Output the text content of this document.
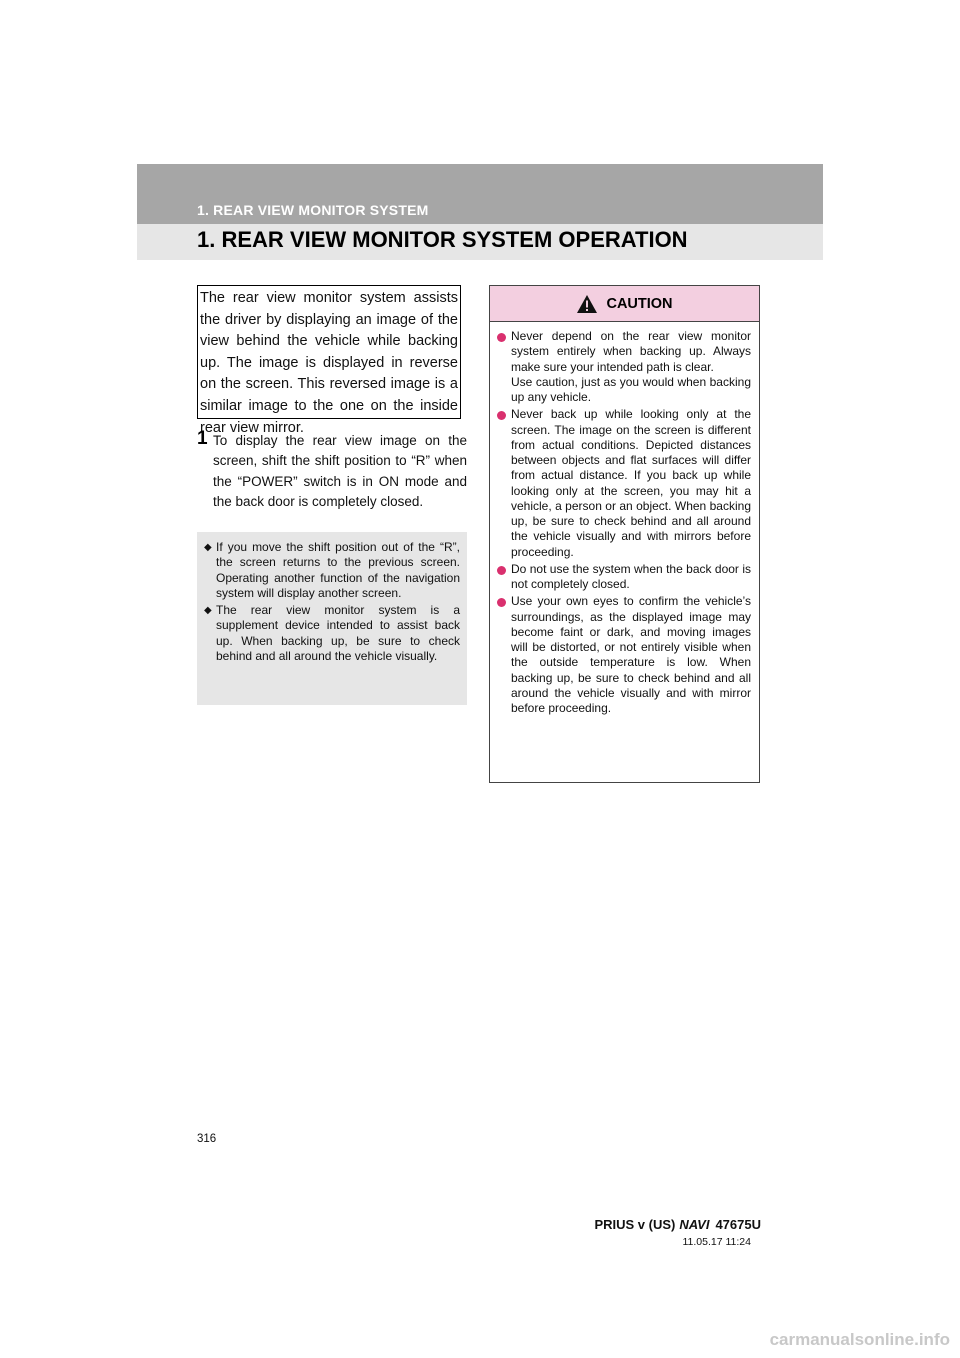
1. REAR VIEW MONITOR SYSTEM
1. REAR VIEW MONITOR SYSTEM OPERATION

The rear view monitor system assists the driver by displaying an image of the view behind the vehicle while backing up. The image is displayed in reverse on the screen. This reversed image is a similar image to the one on the inside rear view mirror.

1 To display the rear view image on the screen, shift the shift position to “R” when the “POWER” switch is in ON mode and the back door is completely closed.

◆ If you move the shift position out of the “R”, the screen returns to the previous screen. Operating another function of the navigation system will display another screen.

◆ The rear view monitor system is a supplement device intended to assist back up. When backing up, be sure to check behind and all around the vehicle visually.

CAUTION

Never depend on the rear view monitor system entirely when backing up. Always make sure your intended path is clear.

Use caution, just as you would when backing up any vehicle.

Never back up while looking only at the screen. The image on the screen is different from actual conditions. Depicted distances between objects and flat surfaces will differ from actual distance. If you back up while looking only at the screen, you may hit a vehicle, a person or an object. When backing up, be sure to check behind and all around the vehicle visually and with mirrors before proceeding.

Do not use the system when the back door is not completely closed.

Use your own eyes to confirm the vehicle’s surroundings, as the displayed image may become faint or dark, and moving images will be distorted, or not entirely visible when the outside temperature is low. When backing up, be sure to check behind and all around the vehicle visually and with mirror before proceeding.

316
PRIUS v (US) NAVI 47675U
11.05.17 11:24
carmanualsonline.info
